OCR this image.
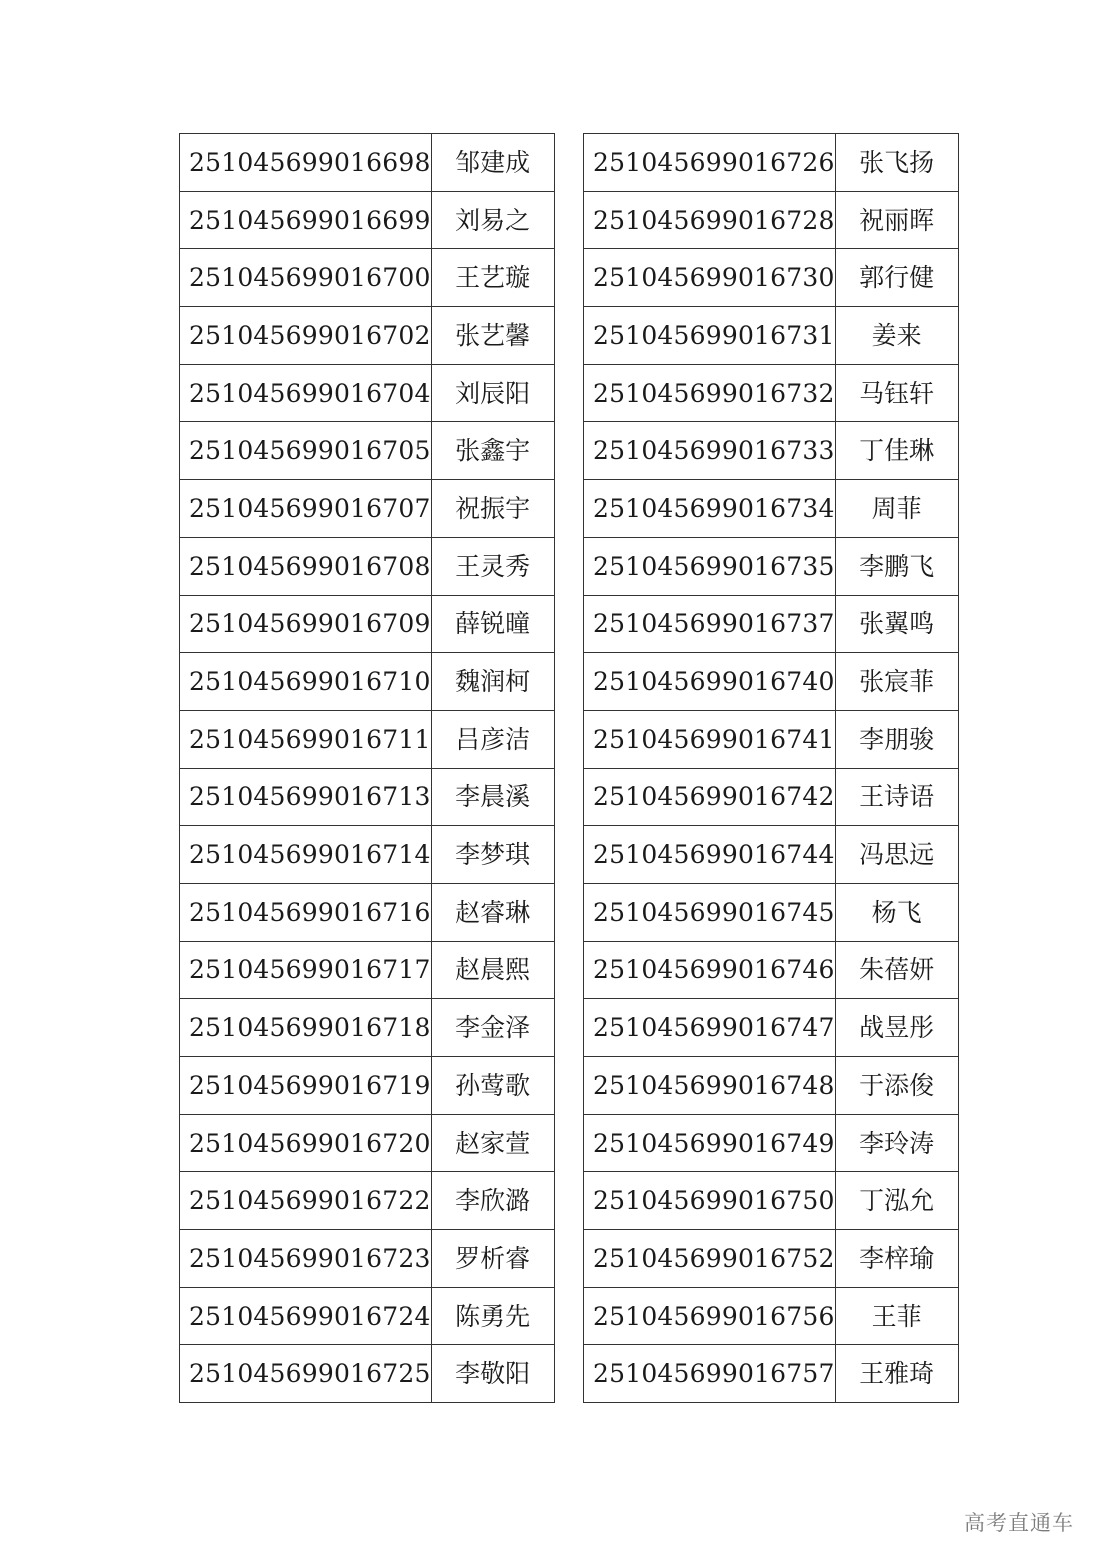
251045699016698	邹建成
251045699016699	刘易之
251045699016700	王艺璇
251045699016702	张艺馨
251045699016704	刘辰阳
251045699016705	张鑫宇
251045699016707	祝振宇
251045699016708	王灵秀
251045699016709	薛锐曈
251045699016710	魏润柯
251045699016711	吕彦洁
251045699016713	李晨溪
251045699016714	李梦琪
251045699016716	赵睿琳
251045699016717	赵晨熙
251045699016718	李金泽
251045699016719	孙莺歌
251045699016720	赵家萱
251045699016722	李欣潞
251045699016723	罗析睿
251045699016724	陈勇先
251045699016725	李敬阳
251045699016726	张飞扬
251045699016728	祝丽晖
251045699016730	郭行健
251045699016731	姜来
251045699016732	马钰轩
251045699016733	丁佳琳
251045699016734	周菲
251045699016735	李鹏飞
251045699016737	张翼鸣
251045699016740	张宸菲
251045699016741	李朋骏
251045699016742	王诗语
251045699016744	冯思远
251045699016745	杨飞
251045699016746	朱蓓妍
251045699016747	战昱彤
251045699016748	于添俊
251045699016749	李玲涛
251045699016750	丁泓允
251045699016752	李梓瑜
251045699016756	王菲
251045699016757	王雅琦
高考直通车
